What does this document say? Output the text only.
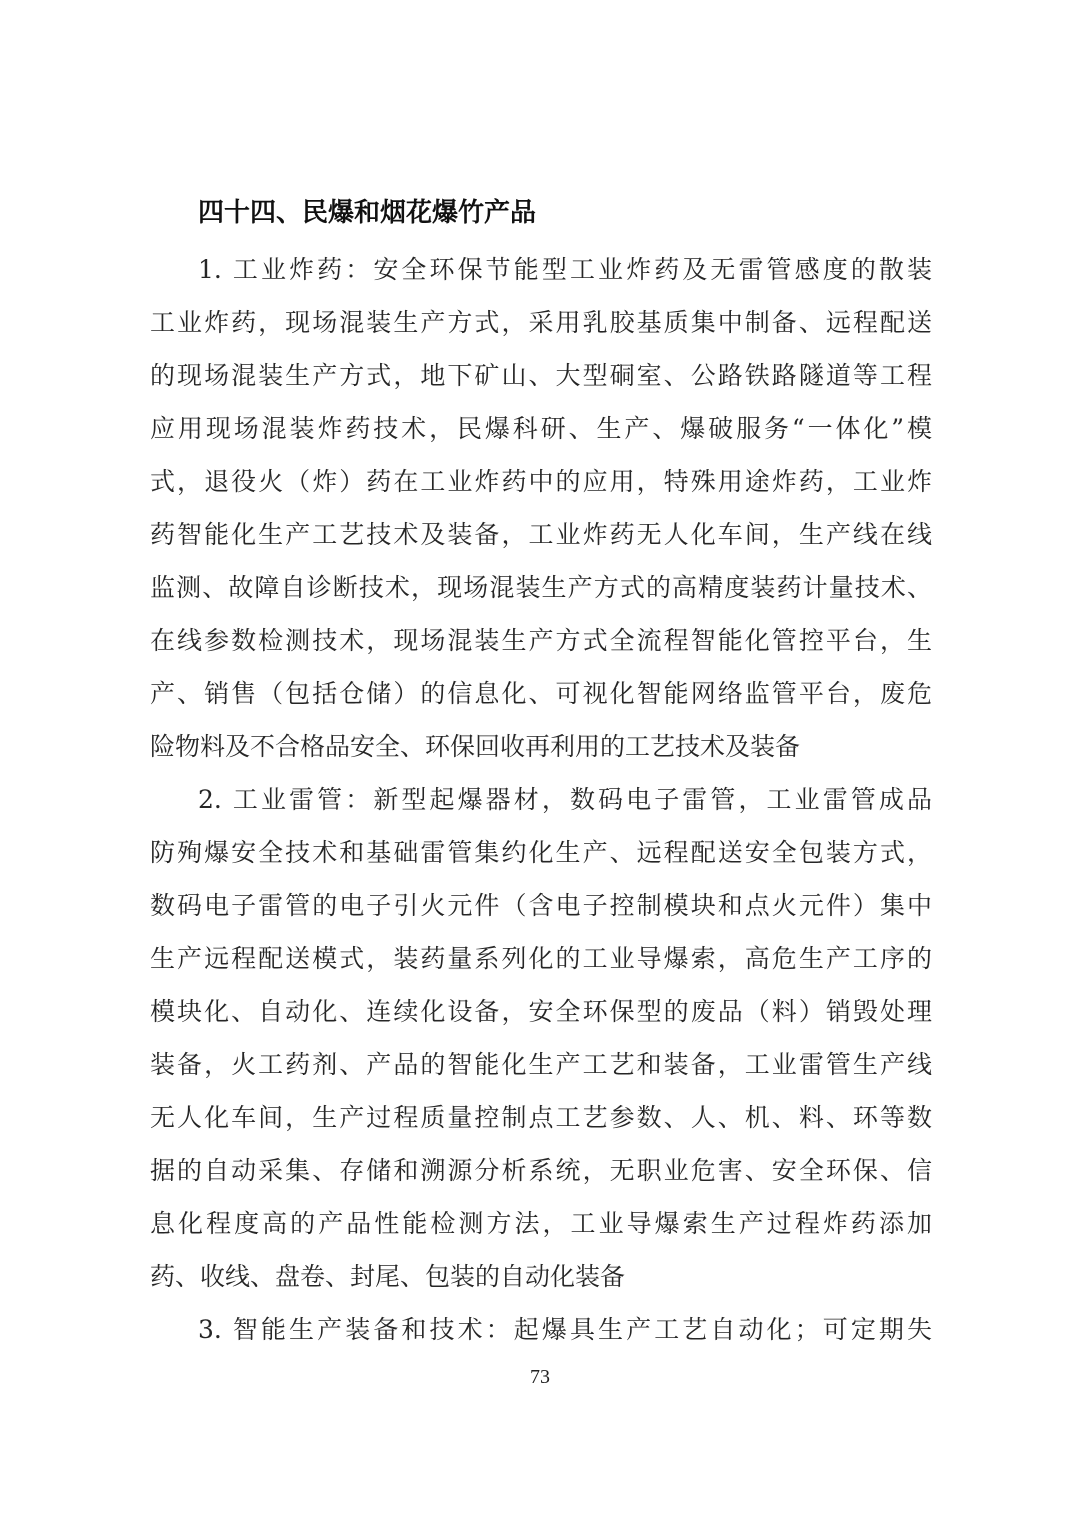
四十四、民爆和烟花爆竹产品
1. 工业炸药：安全环保节能型工业炸药及无雷管感度的散装
工业炸药，现场混装生产方式，采用乳胶基质集中制备、远程配送
的现场混装生产方式，地下矿山、大型硐室、公路铁路隧道等工程
应用现场混装炸药技术，民爆科研、生产、爆破服务“一体化”模
式，退役火（炸）药在工业炸药中的应用，特殊用途炸药，工业炸
药智能化生产工艺技术及装备，工业炸药无人化车间，生产线在线
监测、故障自诊断技术，现场混装生产方式的高精度装药计量技术、
在线参数检测技术，现场混装生产方式全流程智能化管控平台，生
产、销售（包括仓储）的信息化、可视化智能网络监管平台，废危
险物料及不合格品安全、环保回收再利用的工艺技术及装备
2. 工业雷管：新型起爆器材，数码电子雷管，工业雷管成品
防殉爆安全技术和基础雷管集约化生产、远程配送安全包装方式，
数码电子雷管的电子引火元件（含电子控制模块和点火元件）集中
生产远程配送模式，装药量系列化的工业导爆索，高危生产工序的
模块化、自动化、连续化设备，安全环保型的废品（料）销毁处理
装备，火工药剂、产品的智能化生产工艺和装备，工业雷管生产线
无人化车间，生产过程质量控制点工艺参数、人、机、料、环等数
据的自动采集、存储和溯源分析系统，无职业危害、安全环保、信
息化程度高的产品性能检测方法，工业导爆索生产过程炸药添加
药、收线、盘卷、封尾、包装的自动化装备
3. 智能生产装备和技术：起爆具生产工艺自动化；可定期失
73
